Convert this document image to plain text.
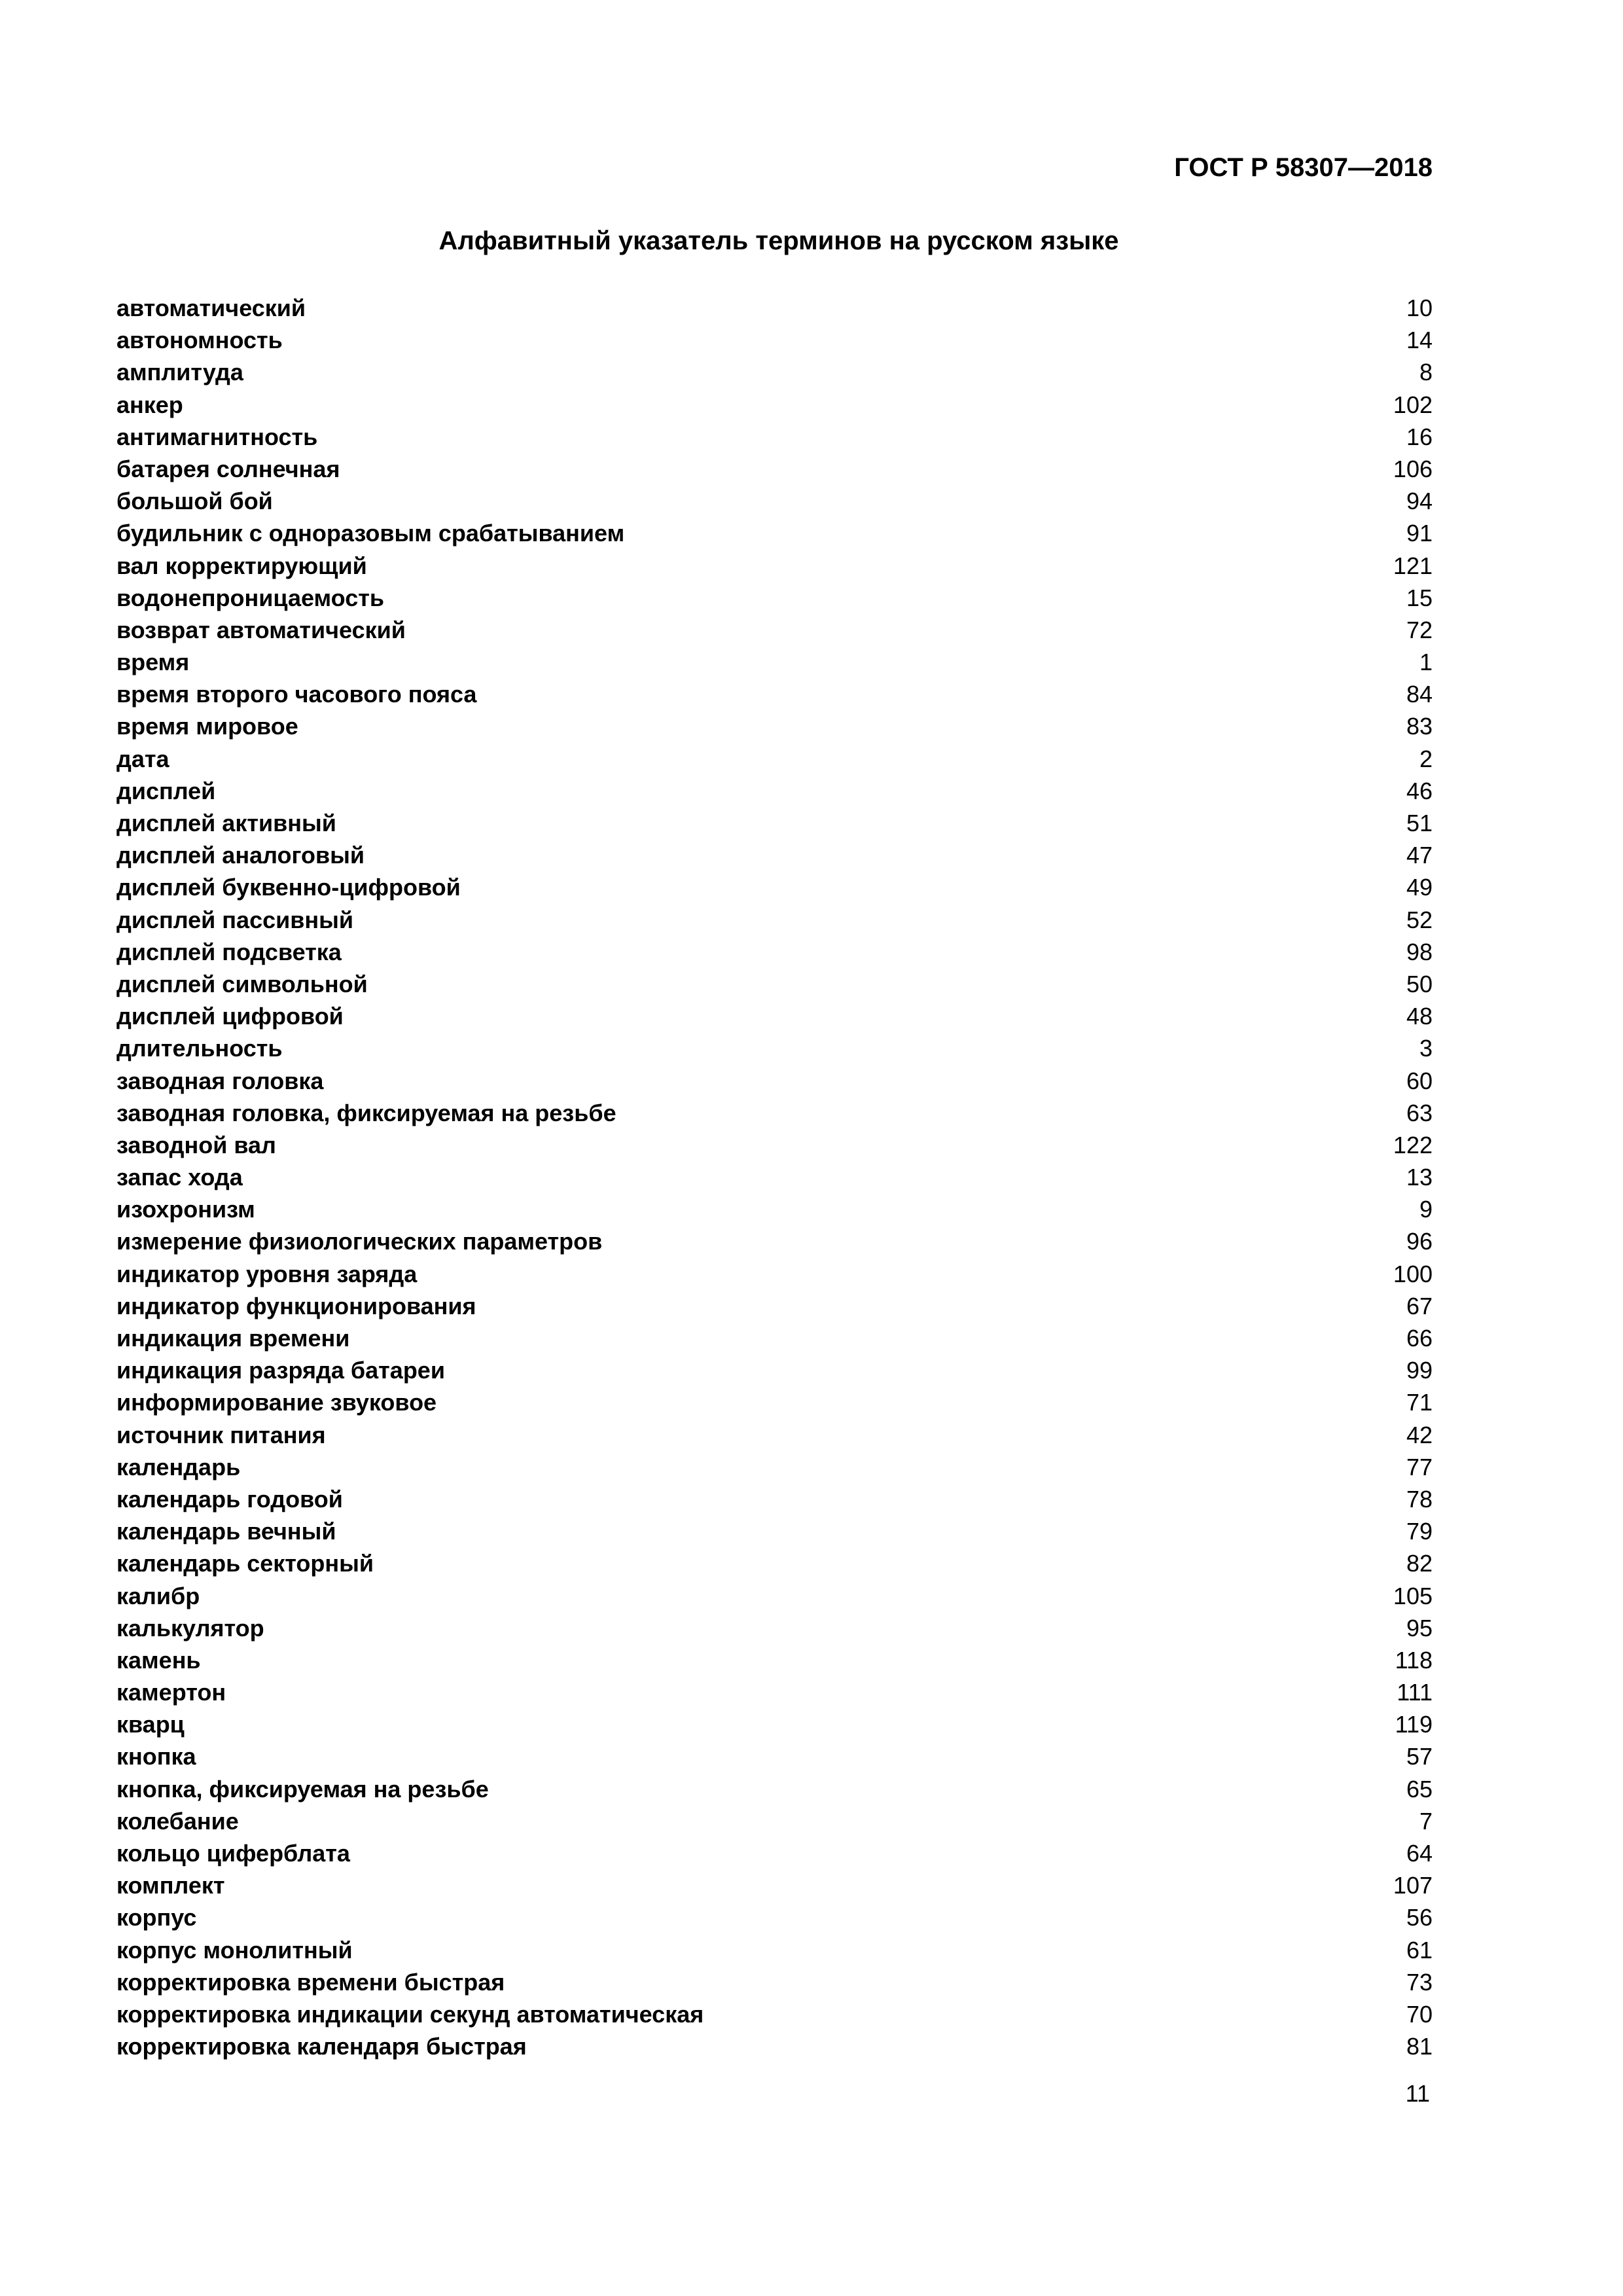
ГОСТ Р 58307—2018
Алфавитный указатель терминов на русском языке
автоматический	10
автономность	14
амплитуда	8
анкер	102
антимагнитность	16
батарея солнечная	106
большой бой	94
будильник с одноразовым срабатыванием	91
вал корректирующий	121
водонепроницаемость	15
возврат автоматический	72
время	1
время второго часового пояса	84
время мировое	83
дата	2
дисплей	46
дисплей активный	51
дисплей аналоговый	47
дисплей буквенно-цифровой	49
дисплей пассивный	52
дисплей подсветка	98
дисплей символьной	50
дисплей цифровой	48
длительность	3
заводная головка	60
заводная головка, фиксируемая на резьбе	63
заводной вал	122
запас хода	13
изохронизм	9
измерение физиологических параметров	96
индикатор уровня заряда	100
индикатор функционирования	67
индикация времени	66
индикация разряда батареи	99
информирование звуковое	71
источник питания	42
календарь	77
календарь годовой	78
календарь вечный	79
календарь секторный	82
калибр	105
калькулятор	95
камень	118
камертон	111
кварц	119
кнопка	57
кнопка, фиксируемая на резьбе	65
колебание	7
кольцо циферблата	64
комплект	107
корпус	56
корпус монолитный	61
корректировка времени быстрая	73
корректировка индикации секунд автоматическая	70
корректировка календаря быстрая	81
11
